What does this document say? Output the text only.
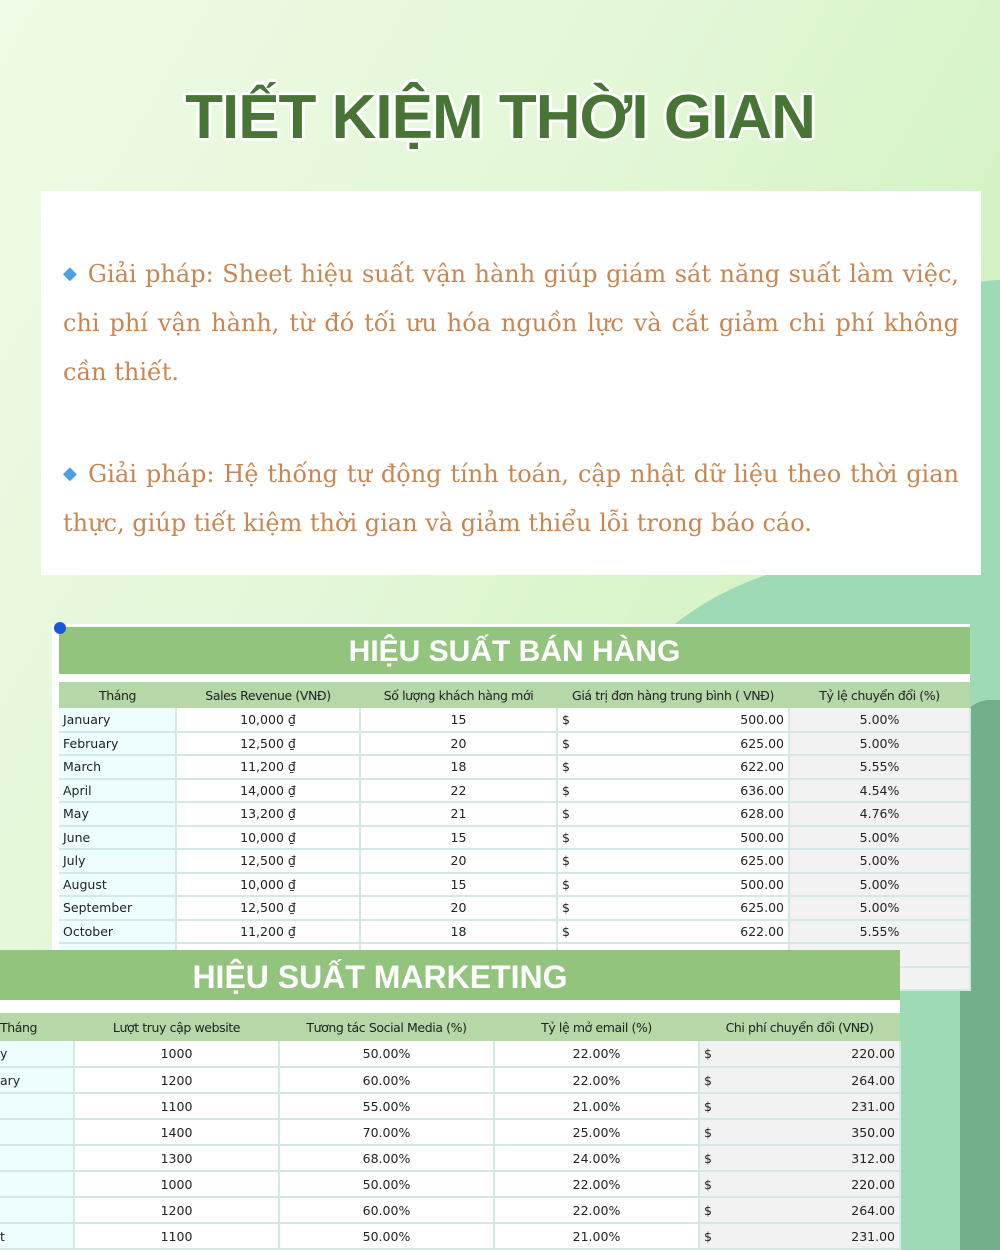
TIẾT KIỆM THỜI GIAN

◆ Giải pháp: Sheet hiệu suất vận hành giúp giám sát năng suất làm việc, chi phí vận hành, từ đó tối ưu hóa nguồn lực và cắt giảm chi phí không cần thiết.

◆ Giải pháp: Hệ thống tự động tính toán, cập nhật dữ liệu theo thời gian thực, giúp tiết kiệm thời gian và giảm thiểu lỗi trong báo cáo.

HIỆU SUẤT BÁN HÀNG
Tháng	Sales Revenue (VNĐ)	Số lượng khách hàng mới	Giá trị đơn hàng trung bình ( VNĐ)	Tỷ lệ chuyển đổi (%)
January	10,000 ₫	15	$ 500.00	5.00%
February	12,500 ₫	20	$ 625.00	5.00%
March	11,200 ₫	18	$ 622.00	5.55%
April	14,000 ₫	22	$ 636.00	4.54%
May	13,200 ₫	21	$ 628.00	4.76%
June	10,000 ₫	15	$ 500.00	5.00%
July	12,500 ₫	20	$ 625.00	5.00%
August	10,000 ₫	15	$ 500.00	5.00%
September	12,500 ₫	20	$ 625.00	5.00%
October	11,200 ₫	18	$ 622.00	5.55%

HIỆU SUẤT MARKETING
Tháng	Lượt truy cập website	Tương tác Social Media (%)	Tỷ lệ mở email (%)	Chi phí chuyển đổi (VNĐ)
y	1000	50.00%	22.00%	$ 220.00

ary	1200	60.00%	22.00%	$ 264.00

	1100	55.00%	21.00%	$ 231.00

	1400	70.00%	25.00%	$ 350.00

	1300	68.00%	24.00%	$ 312.00

	1000	50.00%	22.00%	$ 220.00

	1200	60.00%	22.00%	$ 264.00

t	1100	50.00%	21.00%	$ 231.00
